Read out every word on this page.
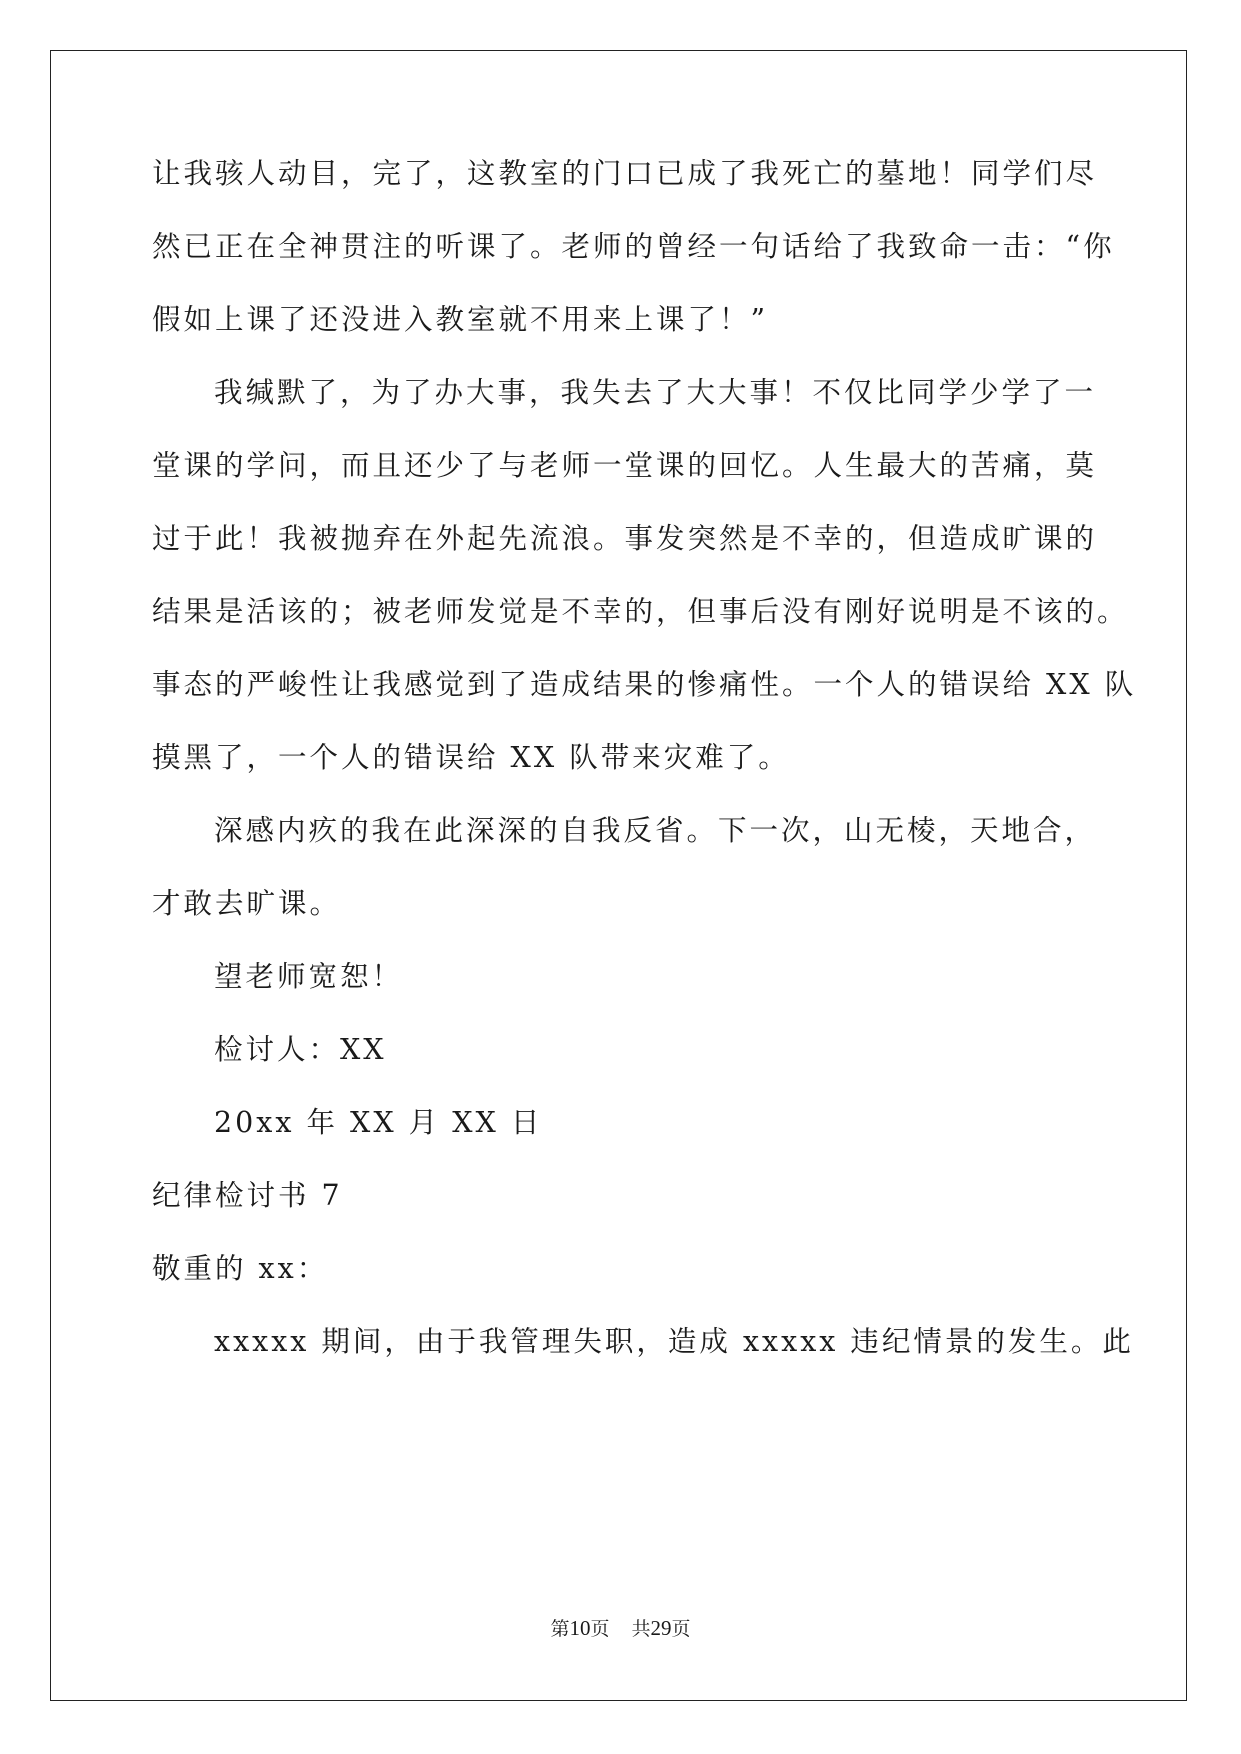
让我骇人动目，完了，这教室的门口已成了我死亡的墓地！同学们尽
然已正在全神贯注的听课了。老师的曾经一句话给了我致命一击：“你
假如上课了还没进入教室就不用来上课了！”
我缄默了，为了办大事，我失去了大大事！不仅比同学少学了一
堂课的学问，而且还少了与老师一堂课的回忆。人生最大的苦痛，莫
过于此！我被抛弃在外起先流浪。事发突然是不幸的，但造成旷课的
结果是活该的；被老师发觉是不幸的，但事后没有刚好说明是不该的。
事态的严峻性让我感觉到了造成结果的惨痛性。一个人的错误给 XX 队
摸黑了，一个人的错误给 XX 队带来灾难了。
深感内疚的我在此深深的自我反省。下一次，山无棱，天地合，
才敢去旷课。
望老师宽恕！
检讨人：XX
20xx 年 XX 月 XX 日
纪律检讨书 7
敬重的 xx：
xxxxx 期间，由于我管理失职，造成 xxxxx 违纪情景的发生。此
第10页 共29页
